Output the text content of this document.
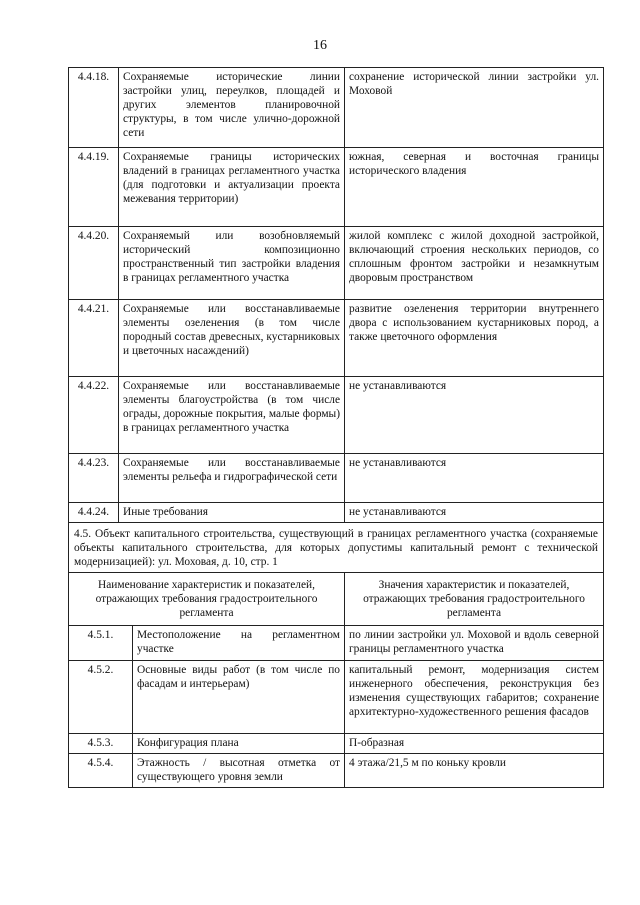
16
4.4.18.	Сохраняемые исторические линии застройки улиц, переулков, площадей и других элементов планировочной структуры, в том числе улично-дорожной сети		сохранение исторической линии застройки ул. Моховой
4.4.19.	Сохраняемые границы исторических владений в границах регламентного участка (для подготовки и актуализации проекта межевания территории)		южная, северная и восточная границы исторического владения
4.4.20.	Сохраняемый или возобновляемый исторический композиционно пространственный тип застройки владения в границах регламентного участка		жилой комплекс с жилой доходной застройкой, включающий строения нескольких периодов, со сплошным фронтом застройки и незамкнутым дворовым пространством
4.4.21.	Сохраняемые или восстанавливаемые элементы озеленения (в том числе породный состав древесных, кустарниковых и цветочных насаждений)		развитие озеленения территории внутреннего двора с использованием кустарниковых пород, а также цветочного оформления
4.4.22.	Сохраняемые или восстанавливаемые элементы благоустройства (в том числе ограды, дорожные покрытия, малые формы) в границах регламентного участка		не устанавливаются
4.4.23.	Сохраняемые или восстанавливаемые элементы рельефа и гидрографической сети		не устанавливаются
4.4.24.	Иные требования		не устанавливаются
4.5. Объект капитального строительства, существующий в границах регламентного участка (сохраняемые объекты капитального строительства, для которых допустимы капитальный ремонт с технической модернизацией): ул. Моховая, д. 10, стр. 1			
Наименование характеристик и показателей, отражающих требования градостроительного регламента			Значения характеристик и показателей, отражающих требования градостроительного регламента
4.5.1.		Местоположение на регламентном участке	по линии застройки ул. Моховой и вдоль северной границы регламентного участка
4.5.2.		Основные виды работ (в том числе по фасадам и интерьерам)	капитальный ремонт, модернизация систем инженерного обеспечения, реконструкция без изменения существующих габаритов; сохранение архитектурно-художественного решения фасадов
4.5.3.		Конфигурация плана	П-образная
4.5.4.		Этажность / высотная отметка от существующего уровня земли	4 этажа/21,5 м по коньку кровли
